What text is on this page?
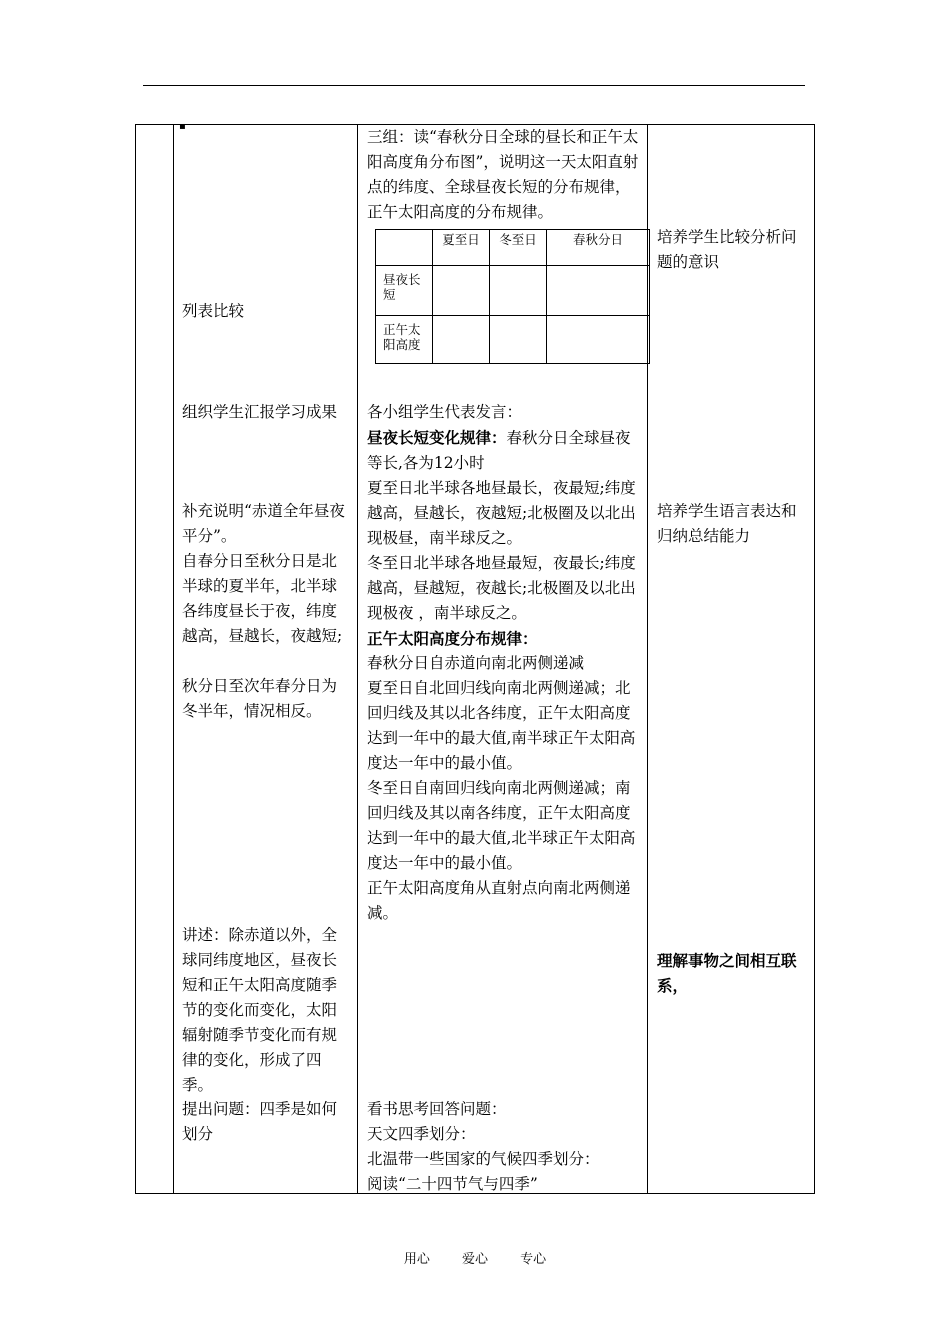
▪
列表比较
组织学生汇报学习成果
补充说明“赤道全年昼夜平分”。
自春分日至秋分日是北半球的夏半年，北半球各纬度昼长于夜，纬度越高，昼越长，夜越短;
秋分日至次年春分日为冬半年，情况相反。
讲述：除赤道以外，全球同纬度地区，昼夜长短和正午太阳高度随季节的变化而变化，太阳辐射随季节变化而有规律的变化，形成了四季。
提出问题：四季是如何划分
三组：读“春秋分日全球的昼长和正午太阳高度角分布图”，说明这一天太阳直射点的纬度、全球昼夜长短的分布规律，正午太阳高度的分布规律。
	夏至日	冬至日	春秋分日
昼夜长短			
正午太阳高度			

各小组学生代表发言：

昼夜长短变化规律：春秋分日全球昼夜等长,各为12小时

夏至日北半球各地昼最长，夜最短;纬度越高，昼越长，夜越短;北极圈及以北出现极昼，南半球反之。

冬至日北半球各地昼最短，夜最长;纬度越高，昼越短，夜越长;北极圈及以北出现极夜 ，南半球反之。

正午太阳高度分布规律：

春秋分日自赤道向南北两侧递减

夏至日自北回归线向南北两侧递减；北回归线及其以北各纬度，正午太阳高度达到一年中的最大值,南半球正午太阳高度达一年中的最小值。

冬至日自南回归线向南北两侧递减；南回归线及其以南各纬度，正午太阳高度达到一年中的最大值,北半球正午太阳高度达一年中的最小值。

正午太阳高度角从直射点向南北两侧递减。

看书思考回答问题：

天文四季划分：

北温带一些国家的气候四季划分：

阅读“二十四节气与四季”

培养学生比较分析问题的意识
培养学生语言表达和归纳总结能力
理解事物之间相互联系，
用心 爱心 专心
